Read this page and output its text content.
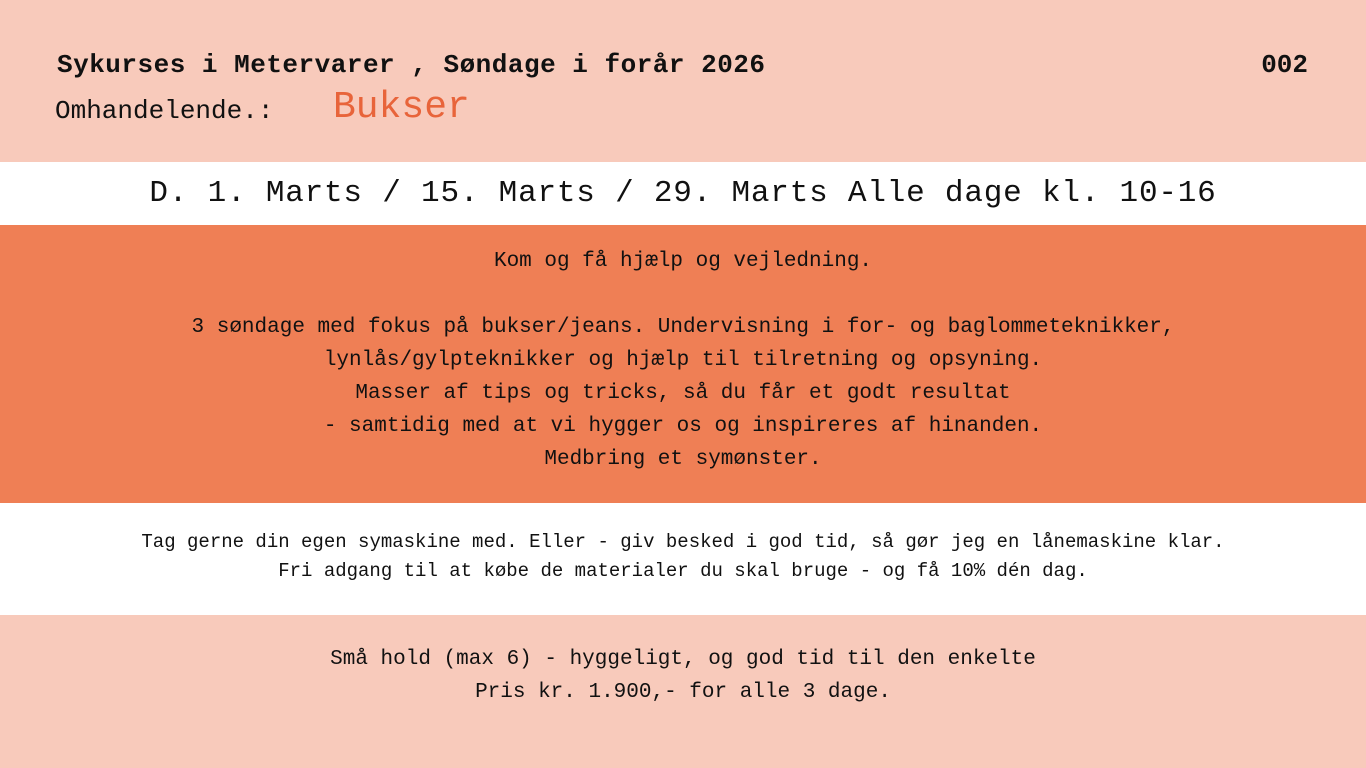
Sykurses i Metervarer , Søndage i forår 2026	002
Omhandelende.: Bukser
D. 1. Marts / 15. Marts / 29. Marts Alle dage kl. 10-16
Kom og få hjælp og vejledning.
3 søndage med fokus på bukser/jeans. Undervisning i for- og baglommeteknikker,
lynlås/gylpteknikker og hjælp til tilretning og opsyning.
Masser af tips og tricks, så du får et godt resultat
- samtidig med at vi hygger os og inspireres af hinanden.
Medbring et symønster.
Tag gerne din egen symaskine med. Eller - giv besked i god tid, så gør jeg en lånemaskine klar.
Fri adgang til at købe de materialer du skal bruge - og få 10% dén dag.
Små hold (max 6) - hyggeligt, og god tid til den enkelte
Pris kr. 1.900,- for alle 3 dage.
